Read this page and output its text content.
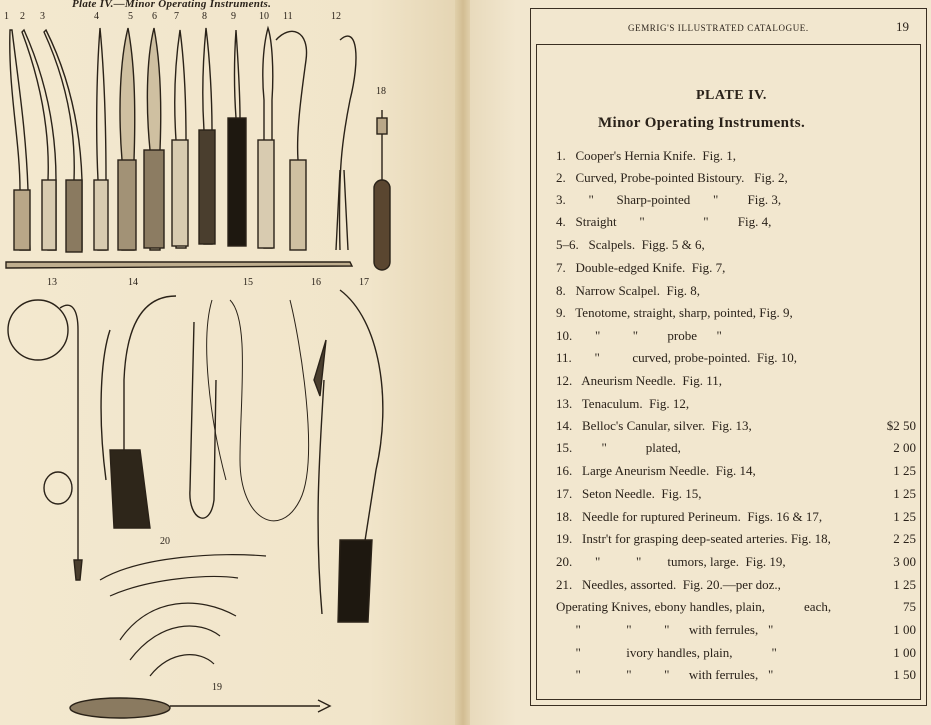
Plate IV.—Minor Operating Instruments.
1 2 3	4	5 6 7 8 9 10 11	12
18
13	14	15	16	17
20
19
GEMRIG'S ILLUSTRATED CATALOGUE.	19
PLATE IV.
Minor Operating Instruments.
1.   Cooper's Hernia Knife.  Fig. 1,
2.   Curved, Probe-pointed Bistoury.   Fig. 2,
3.       "       Sharp-pointed       "         Fig. 3,
4.   Straight       "                  "         Fig. 4,
5–6.   Scalpels.  Figg. 5 & 6,
7.   Double-edged Knife.  Fig. 7,
8.   Narrow Scalpel.  Fig. 8,
9.   Tenotome, straight, sharp, pointed, Fig. 9,
10.       "          "         probe      "
11.       "          curved, probe-pointed.  Fig. 10,
12.   Aneurism Needle.  Fig. 11,
13.   Tenaculum.  Fig. 12,
14.   Belloc's Canular, silver.  Fig. 13,	$2 50
15.         "            plated,	2 00
16.   Large Aneurism Needle.  Fig. 14,	1 25
17.   Seton Needle.  Fig. 15,	1 25
18.   Needle for ruptured Perineum.  Figs. 16 & 17,	1 25
19.   Instr't for grasping deep-seated arteries. Fig. 18,	2 25
20.       "           "        tumors, large.  Fig. 19,	3 00
21.   Needles, assorted.  Fig. 20.—per doz.,	1 25
Operating Knives, ebony handles, plain,            each,	75
"              "          "      with ferrules,   "	1 00
"              ivory handles, plain,            "	1 00
"              "          "      with ferrules,   "	1 50
